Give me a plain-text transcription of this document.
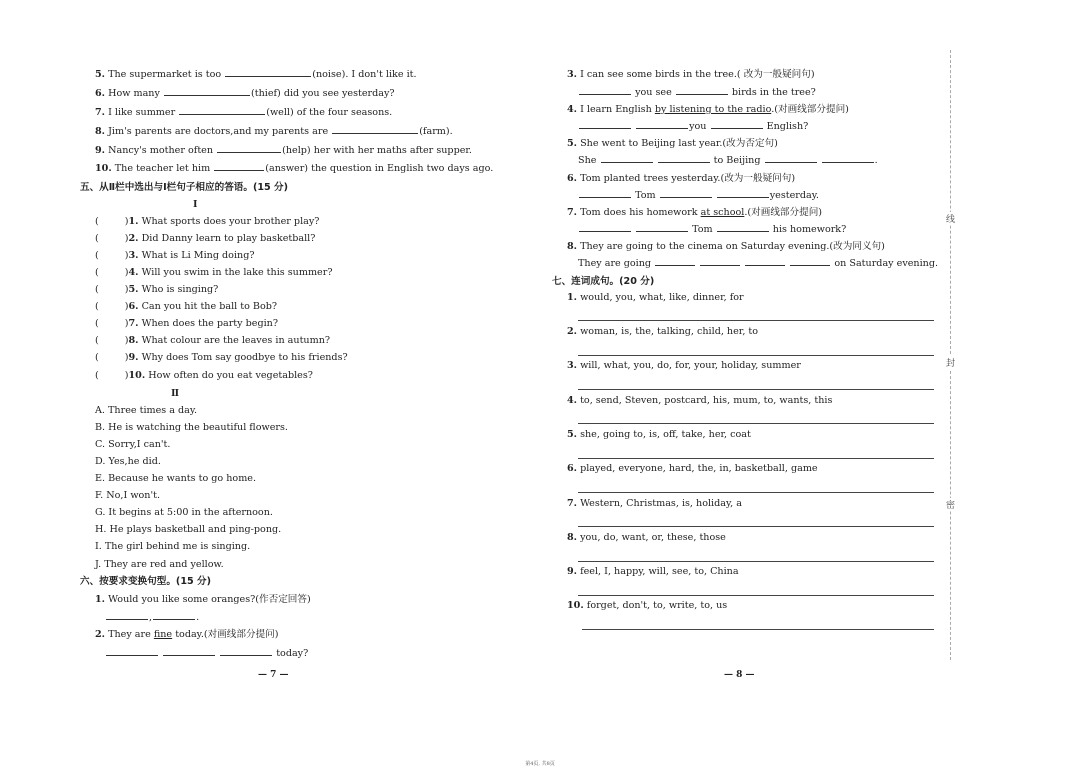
5. The supermarket is too	(noise). I don't like it.
6. How many	(thief) did you see yesterday?
7. I like summer	(well) of the four seasons.
8. Jim's parents are doctors,and my parents are	(farm).
9. Nancy's mother often	(help) her with her maths after supper.
10. The teacher let him	(answer) the question in English two days ago.
五、从Ⅱ栏中选出与Ⅰ栏句子相应的答语。(15 分)
Ⅰ
(	)1. What sports does your brother play?
(	)2. Did Danny learn to play basketball?
(	)3. What is Li Ming doing?
(	)4. Will you swim in the lake this summer?
(	)5. Who is singing?
(	)6. Can you hit the ball to Bob?
(	)7. When does the party begin?
(	)8. What colour are the leaves in autumn?
(	)9. Why does Tom say goodbye to his friends?
(	)10. How often do you eat vegetables?
Ⅱ
A. Three times a day.
B. He is watching the beautiful flowers.
C. Sorry,I can't.
D. Yes,he did.
E. Because he wants to go home.
F. No,I won't.
G. It begins at 5:00 in the afternoon.
H. He plays basketball and ping-pong.
I. The girl behind me is singing.
J. They are red and yellow.
六、按要求变换句型。(15 分)
1. Would you like some oranges?(作否定回答)
,	.
2. They are fine today.(对画线部分提问)
today?
— 7 —
3. I can see some birds in the tree.( 改为一般疑问句)
you see	birds in the tree?
4. I learn English by listening to the radio.(对画线部分提问)
you	English?
5. She went to Beijing last year.(改为否定句)
She	to Beijing	.
6. Tom planted trees yesterday.(改为一般疑问句)
Tom	yesterday.
7. Tom does his homework at school.(对画线部分提问)
Tom	his homework?
8. They are going to the cinema on Saturday evening.(改为同义句)
They are going	on Saturday evening.
七、连词成句。(20 分)
1. would, you, what, like, dinner, for
2. woman, is, the, talking, child, her, to
3. will, what, you, do, for, your, holiday, summer
4. to, send, Steven, postcard, his, mum, to, wants, this
5. she, going to, is, off, take, her, coat
6. played, everyone, hard, the, in, basketball, game
7. Western, Christmas, is, holiday, a
8. you, do, want, or, these, those
9. feel, I, happy, will, see, to, China
10. forget, don't, to, write, to, us
— 8 —
线
封
密
第4页, 共8页
